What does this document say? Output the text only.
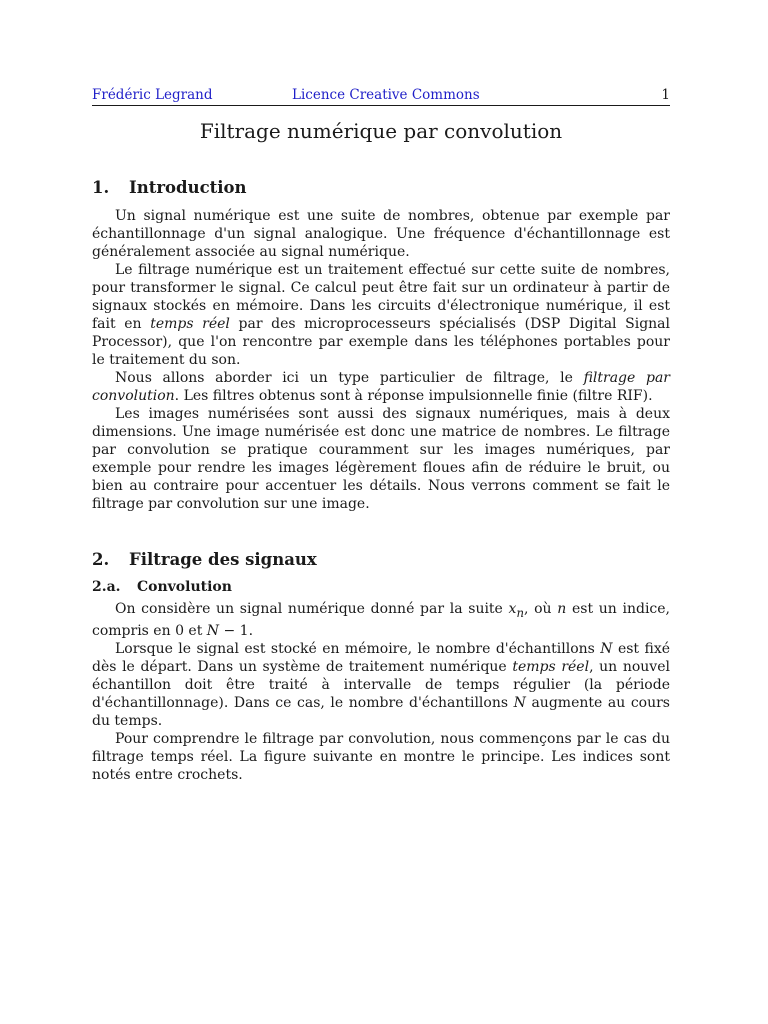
Frédéric Legrand	Licence Creative Commons	1
Filtrage numérique par convolution
1. Introduction

Un signal numérique est une suite de nombres, obtenue par exemple par échantillonnage d'un signal analogique. Une fréquence d'échantillonnage est généralement associée au signal numérique.

Le filtrage numérique est un traitement effectué sur cette suite de nombres, pour transformer le signal. Ce calcul peut être fait sur un ordinateur à partir de signaux stockés en mémoire. Dans les circuits d'électronique numérique, il est fait en temps réel par des microprocesseurs spécialisés (DSP Digital Signal Processor), que l'on rencontre par exemple dans les téléphones portables pour le traitement du son.

Nous allons aborder ici un type particulier de filtrage, le filtrage par convolution. Les filtres obtenus sont à réponse impulsionnelle finie (filtre RIF).

Les images numérisées sont aussi des signaux numériques, mais à deux dimensions. Une image numérisée est donc une matrice de nombres. Le filtrage par convolution se pratique couramment sur les images numériques, par exemple pour rendre les images légèrement floues afin de réduire le bruit, ou bien au contraire pour accentuer les détails. Nous verrons comment se fait le filtrage par convolution sur une image.

2. Filtrage des signaux
2.a. Convolution

On considère un signal numérique donné par la suite $x_n$, où n est un indice, compris en 0 et N − 1.

Lorsque le signal est stocké en mémoire, le nombre d'échantillons N est fixé dès le départ. Dans un système de traitement numérique temps réel, un nouvel échantillon doit être traité à intervalle de temps régulier (la période d'échantillonnage). Dans ce cas, le nombre d'échantillons N augmente au cours du temps.

Pour comprendre le filtrage par convolution, nous commençons par le cas du filtrage temps réel. La figure suivante en montre le principe. Les indices sont notés entre crochets.
